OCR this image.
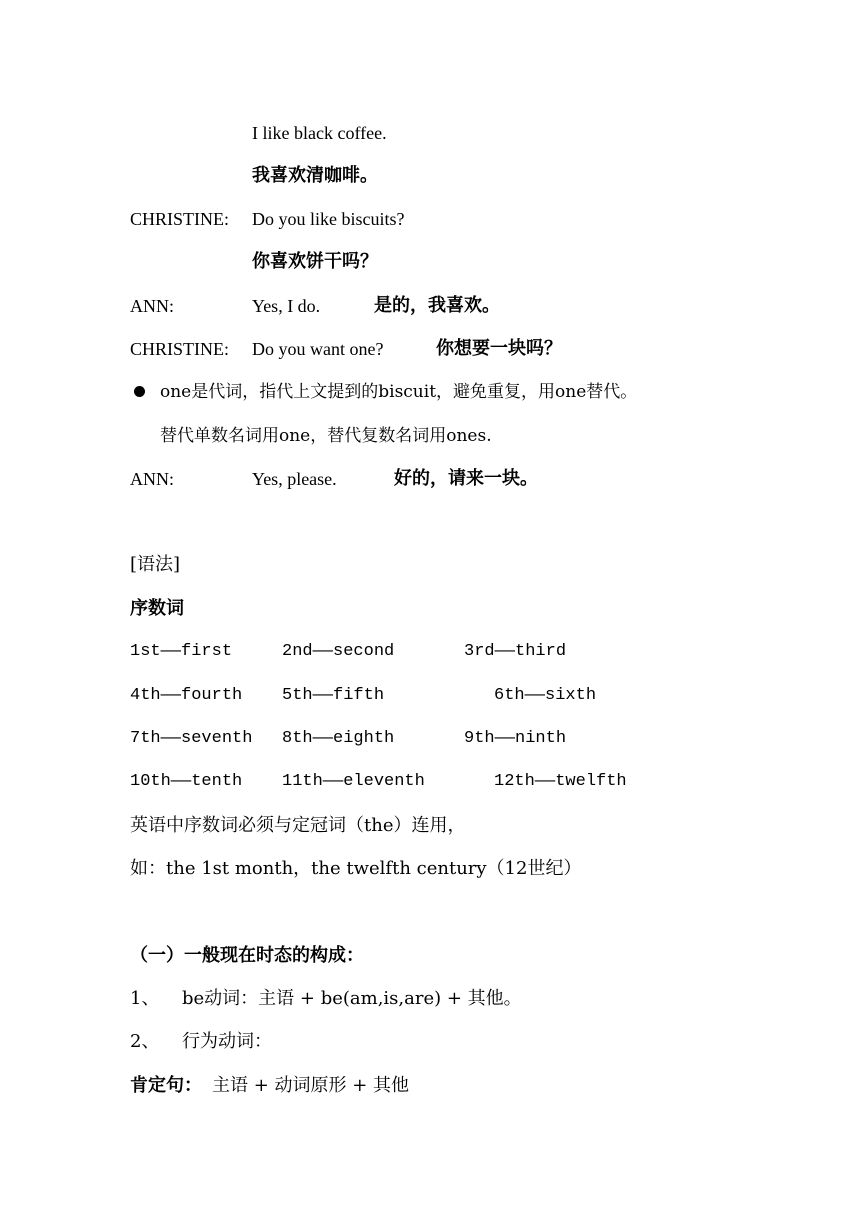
I like black coffee.
我喜欢清咖啡。
CHRISTINE: Do you like biscuits?
你喜欢饼干吗？
ANN:	Yes, I do.	是的，我喜欢。
CHRISTINE: Do you want one?	你想要一块吗？
one是代词，指代上文提到的biscuit，避免重复，用one替代。
替代单数名词用one，替代复数名词用ones.
ANN:	Yes, please.	好的，请来一块。
[语法]
序数词
1st——first	2nd——second	3rd——third
4th——fourth 5th——fifth	6th——sixth
7th——seventh 8th——eighth	9th——ninth
10th——tenth 11th——eleventh	12th——twelfth
英语中序数词必须与定冠词（the）连用，
如：the 1st month，the twelfth century（12世纪）
（一）一般现在时态的构成：
1、 be动词：主语 + be(am,is,are) + 其他。
2、 行为动词：
肯定句： 主语 + 动词原形 + 其他
